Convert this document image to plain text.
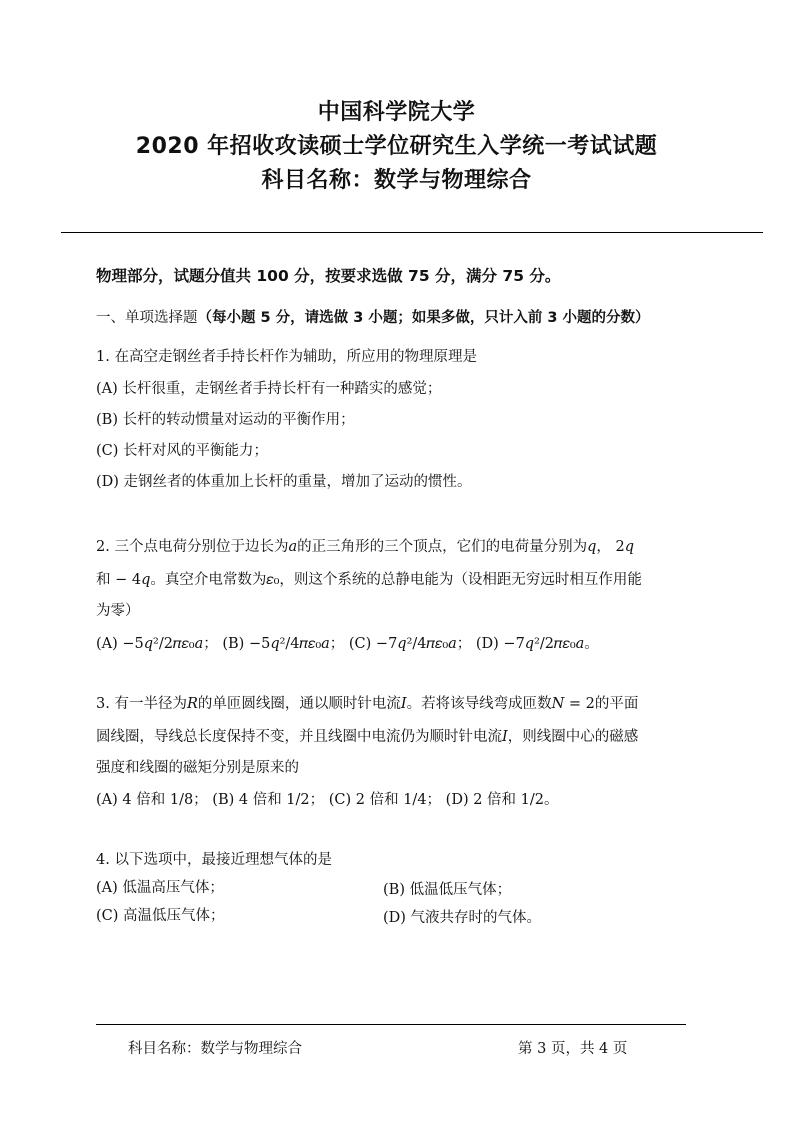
中国科学院大学
2020 年招收攻读硕士学位研究生入学统一考试试题
科目名称：数学与物理综合
物理部分，试题分值共 100 分，按要求选做 75 分，满分 75 分。
一、单项选择题（每小题 5 分，请选做 3 小题；如果多做，只计入前 3 小题的分数）
1. 在高空走钢丝者手持长杆作为辅助，所应用的物理原理是
(A) 长杆很重，走钢丝者手持长杆有一种踏实的感觉；
(B) 长杆的转动惯量对运动的平衡作用；
(C) 长杆对风的平衡能力；
(D) 走钢丝者的体重加上长杆的重量，增加了运动的惯性。
2. 三个点电荷分别位于边长为𝑎的正三角形的三个顶点，它们的电荷量分别为𝑞， 2𝑞
和 − 4𝑞。真空介电常数为𝜀₀，则这个系统的总静电能为（设相距无穷远时相互作用能
为零）
(A) −5𝑞²/2𝜋𝜀₀𝑎； (B) −5𝑞²/4𝜋𝜀₀𝑎； (C) −7𝑞²/4𝜋𝜀₀𝑎； (D) −7𝑞²/2𝜋𝜀₀𝑎。
3. 有一半径为𝑅的单匝圆线圈，通以顺时针电流𝐼。若将该导线弯成匝数𝑁 = 2的平面
圆线圈，导线总长度保持不变，并且线圈中电流仍为顺时针电流𝐼，则线圈中心的磁感
强度和线圈的磁矩分别是原来的
(A) 4 倍和 1/8； (B) 4 倍和 1/2； (C) 2 倍和 1/4； (D) 2 倍和 1/2。
4. 以下选项中，最接近理想气体的是
(A) 低温高压气体；	(B) 低温低压气体；
(C) 高温低压气体；	(D) 气液共存时的气体。
科目名称：数学与物理综合	第 3 页，共 4 页
